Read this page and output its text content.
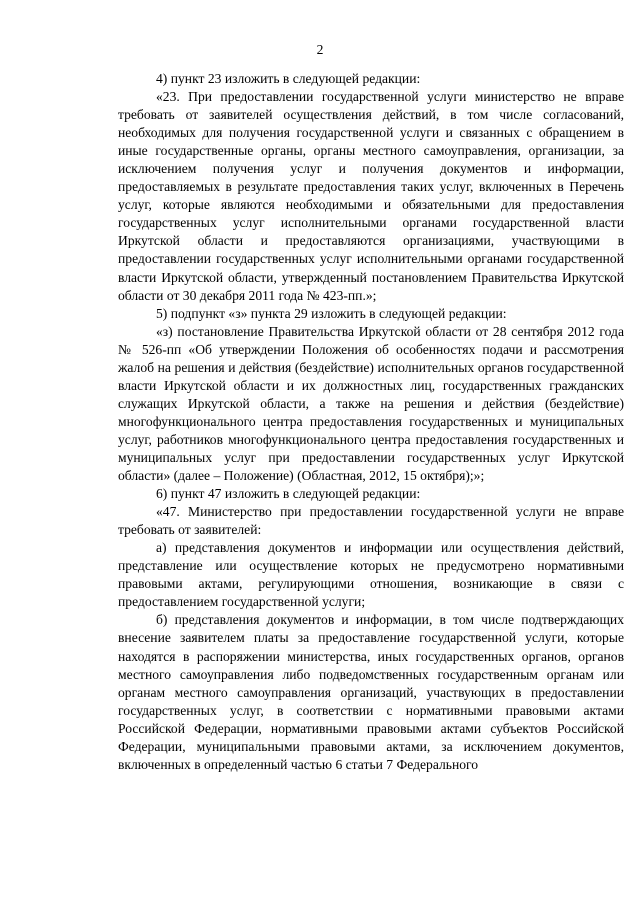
2

4) пункт 23 изложить в следующей редакции:

«23. При предоставлении государственной услуги министерство не вправе требовать от заявителей осуществления действий, в том числе согласований, необходимых для получения государственной услуги и связанных с обращением в иные государственные органы, органы местного самоуправления, организации, за исключением получения услуг и получения документов и информации, предоставляемых в результате предоставления таких услуг, включенных в Перечень услуг, которые являются необходимыми и обязательными для предоставления государственных услуг исполнительными органами государственной власти Иркутской области и предоставляются организациями, участвующими в предоставлении государственных услуг исполнительными органами государственной власти Иркутской области, утвержденный постановлением Правительства Иркутской области от 30 декабря 2011 года № 423-пп.»;

5) подпункт «з» пункта 29 изложить в следующей редакции:

«з) постановление Правительства Иркутской области от 28 сентября 2012 года № 526-пп «Об утверждении Положения об особенностях подачи и рассмотрения жалоб на решения и действия (бездействие) исполнительных органов государственной власти Иркутской области и их должностных лиц, государственных гражданских служащих Иркутской области, а также на решения и действия (бездействие) многофункционального центра предоставления государственных и муниципальных услуг, работников многофункционального центра предоставления государственных и муниципальных услуг при предоставлении государственных услуг Иркутской области» (далее – Положение) (Областная, 2012, 15 октября);»;

6) пункт 47 изложить в следующей редакции:

«47. Министерство при предоставлении государственной услуги не вправе требовать от заявителей:

а) представления документов и информации или осуществления действий, представление или осуществление которых не предусмотрено нормативными правовыми актами, регулирующими отношения, возникающие в связи с предоставлением государственной услуги;

б) представления документов и информации, в том числе подтверждающих внесение заявителем платы за предоставление государственной услуги, которые находятся в распоряжении министерства, иных государственных органов, органов местного самоуправления либо подведомственных государственным органам или органам местного самоуправления организаций, участвующих в предоставлении государственных услуг, в соответствии с нормативными правовыми актами Российской Федерации, нормативными правовыми актами субъектов Российской Федерации, муниципальными правовыми актами, за исключением документов, включенных в определенный частью 6 статьи 7 Федерального
